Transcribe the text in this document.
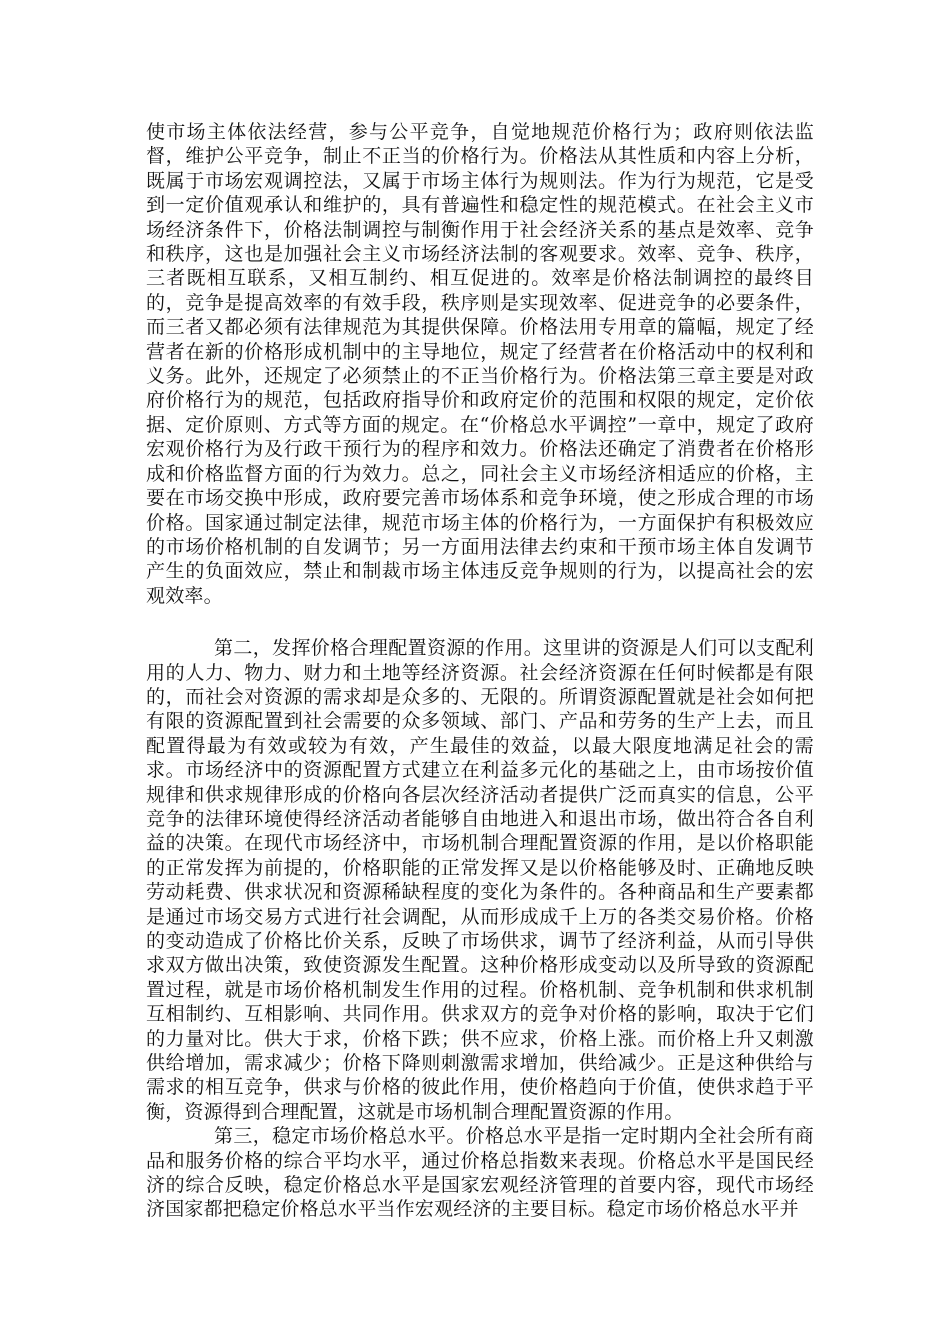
使市场主体依法经营，参与公平竞争，自觉地规范价格行为；政府则依法监督，维护公平竞争，制止不正当的价格行为。价格法从其性质和内容上分析，既属于市场宏观调控法，又属于市场主体行为规则法。作为行为规范，它是受到一定价值观承认和维护的，具有普遍性和稳定性的规范模式。在社会主义市场经济条件下，价格法制调控与制衡作用于社会经济关系的基点是效率、竞争和秩序，这也是加强社会主义市场经济法制的客观要求。效率、竞争、秩序，三者既相互联系，又相互制约、相互促进的。效率是价格法制调控的最终目的，竞争是提高效率的有效手段，秩序则是实现效率、促进竞争的必要条件，而三者又都必须有法律规范为其提供保障。价格法用专用章的篇幅，规定了经营者在新的价格形成机制中的主导地位，规定了经营者在价格活动中的权利和义务。此外，还规定了必须禁止的不正当价格行为。价格法第三章主要是对政府价格行为的规范，包括政府指导价和政府定价的范围和权限的规定，定价依据、定价原则、方式等方面的规定。在“价格总水平调控”一章中，规定了政府宏观价格行为及行政干预行为的程序和效力。价格法还确定了消费者在价格形成和价格监督方面的行为效力。总之，同社会主义市场经济相适应的价格，主要在市场交换中形成，政府要完善市场体系和竞争环境，使之形成合理的市场价格。国家通过制定法律，规范市场主体的价格行为，一方面保护有积极效应的市场价格机制的自发调节；另一方面用法律去约束和干预市场主体自发调节产生的负面效应，禁止和制裁市场主体违反竞争规则的行为，以提高社会的宏观效率。

第二，发挥价格合理配置资源的作用。这里讲的资源是人们可以支配利用的人力、物力、财力和土地等经济资源。社会经济资源在任何时候都是有限的，而社会对资源的需求却是众多的、无限的。所谓资源配置就是社会如何把有限的资源配置到社会需要的众多领域、部门、产品和劳务的生产上去，而且配置得最为有效或较为有效，产生最佳的效益，以最大限度地满足社会的需求。市场经济中的资源配置方式建立在利益多元化的基础之上，由市场按价值规律和供求规律形成的价格向各层次经济活动者提供广泛而真实的信息，公平竞争的法律环境使得经济活动者能够自由地进入和退出市场，做出符合各自利益的决策。在现代市场经济中，市场机制合理配置资源的作用，是以价格职能的正常发挥为前提的，价格职能的正常发挥又是以价格能够及时、正确地反映劳动耗费、供求状况和资源稀缺程度的变化为条件的。各种商品和生产要素都是通过市场交易方式进行社会调配，从而形成成千上万的各类交易价格。价格的变动造成了价格比价关系，反映了市场供求，调节了经济利益，从而引导供求双方做出决策，致使资源发生配置。这种价格形成变动以及所导致的资源配置过程，就是市场价格机制发生作用的过程。价格机制、竞争机制和供求机制互相制约、互相影响、共同作用。供求双方的竞争对价格的影响，取决于它们的力量对比。供大于求，价格下跌；供不应求，价格上涨。而价格上升又刺激供给增加，需求减少；价格下降则刺激需求增加，供给减少。正是这种供给与需求的相互竞争，供求与价格的彼此作用，使价格趋向于价值，使供求趋于平衡，资源得到合理配置，这就是市场机制合理配置资源的作用。

第三，稳定市场价格总水平。价格总水平是指一定时期内全社会所有商品和服务价格的综合平均水平，通过价格总指数来表现。价格总水平是国民经济的综合反映，稳定价格总水平是国家宏观经济管理的首要内容，现代市场经济国家都把稳定价格总水平当作宏观经济的主要目标。稳定市场价格总水平并
